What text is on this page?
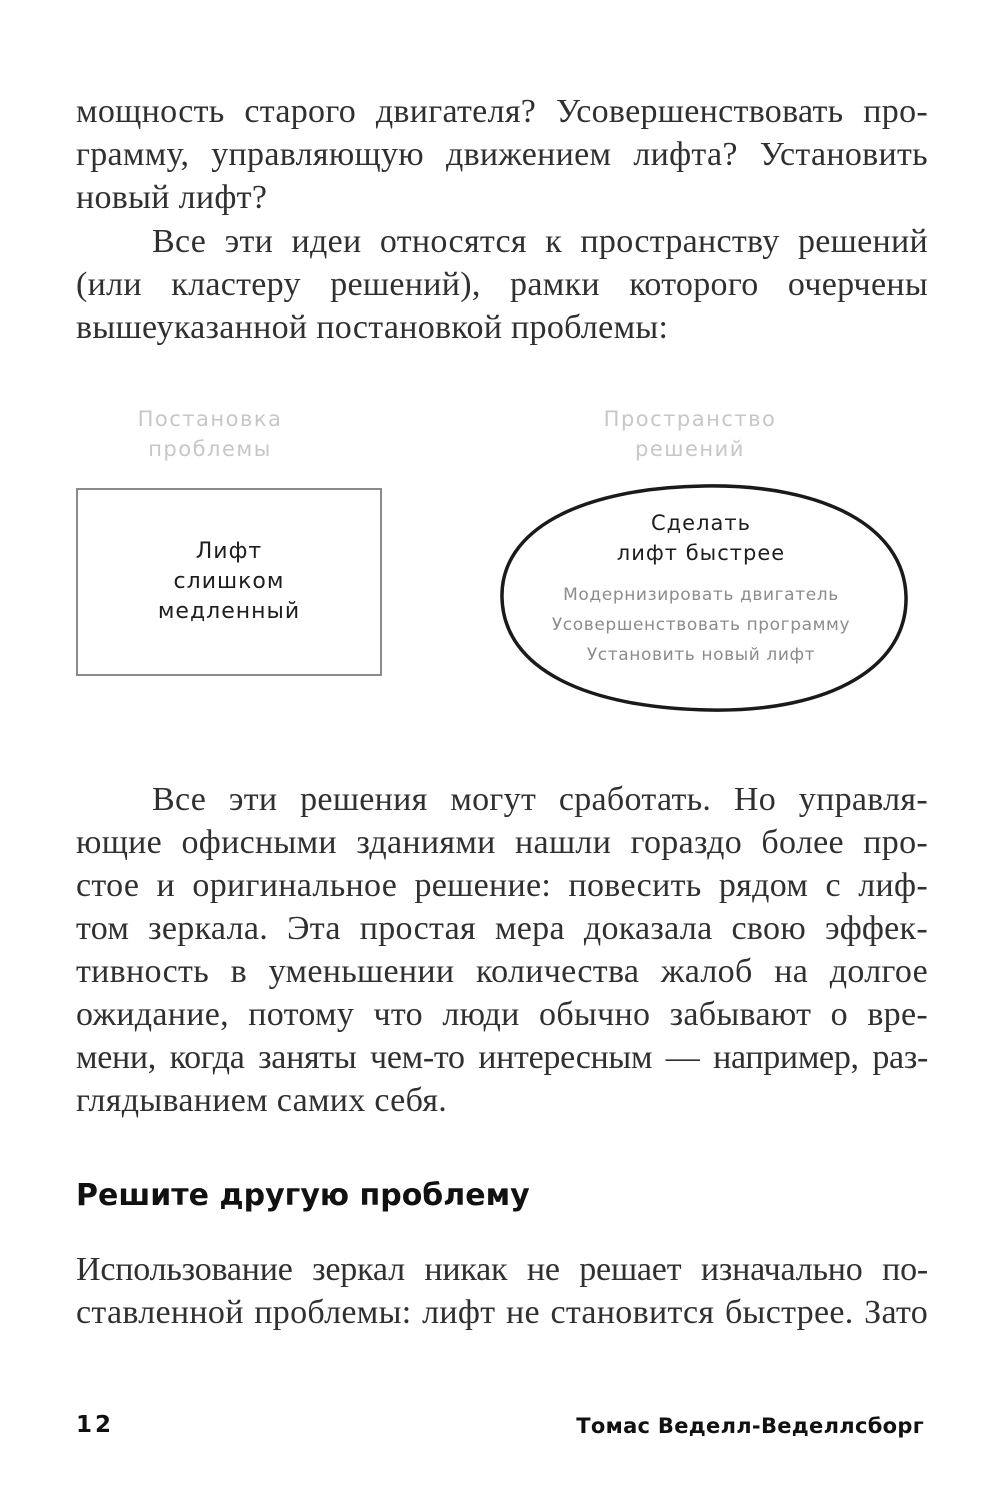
мощность старого двигателя? Усовершенствовать про-
грамму, управляющую движением лифта? Установить
новый лифт?
Все эти идеи относятся к пространству решений
(или кластеру решений), рамки которого очерчены
вышеуказанной постановкой проблемы:
Постановка
проблемы
Пространство
решений
Лифт
слишком
медленный
Сделать
лифт быстрее
Модернизировать двигатель
Усовершенствовать программу
Установить новый лифт
Все эти решения могут сработать. Но управля-
ющие офисными зданиями нашли гораздо более про-
стое и оригинальное решение: повесить рядом с лиф-
том зеркала. Эта простая мера доказала свою эффек-
тивность в уменьшении количества жалоб на долгое
ожидание, потому что люди обычно забывают о вре-
мени, когда заняты чем-то интересным — например, раз-
глядыванием самих себя.
Решите другую проблему
Использование зеркал никак не решает изначально по-
ставленной проблемы: лифт не становится быстрее. Зато
12	Томас Веделл-Веделлсборг
